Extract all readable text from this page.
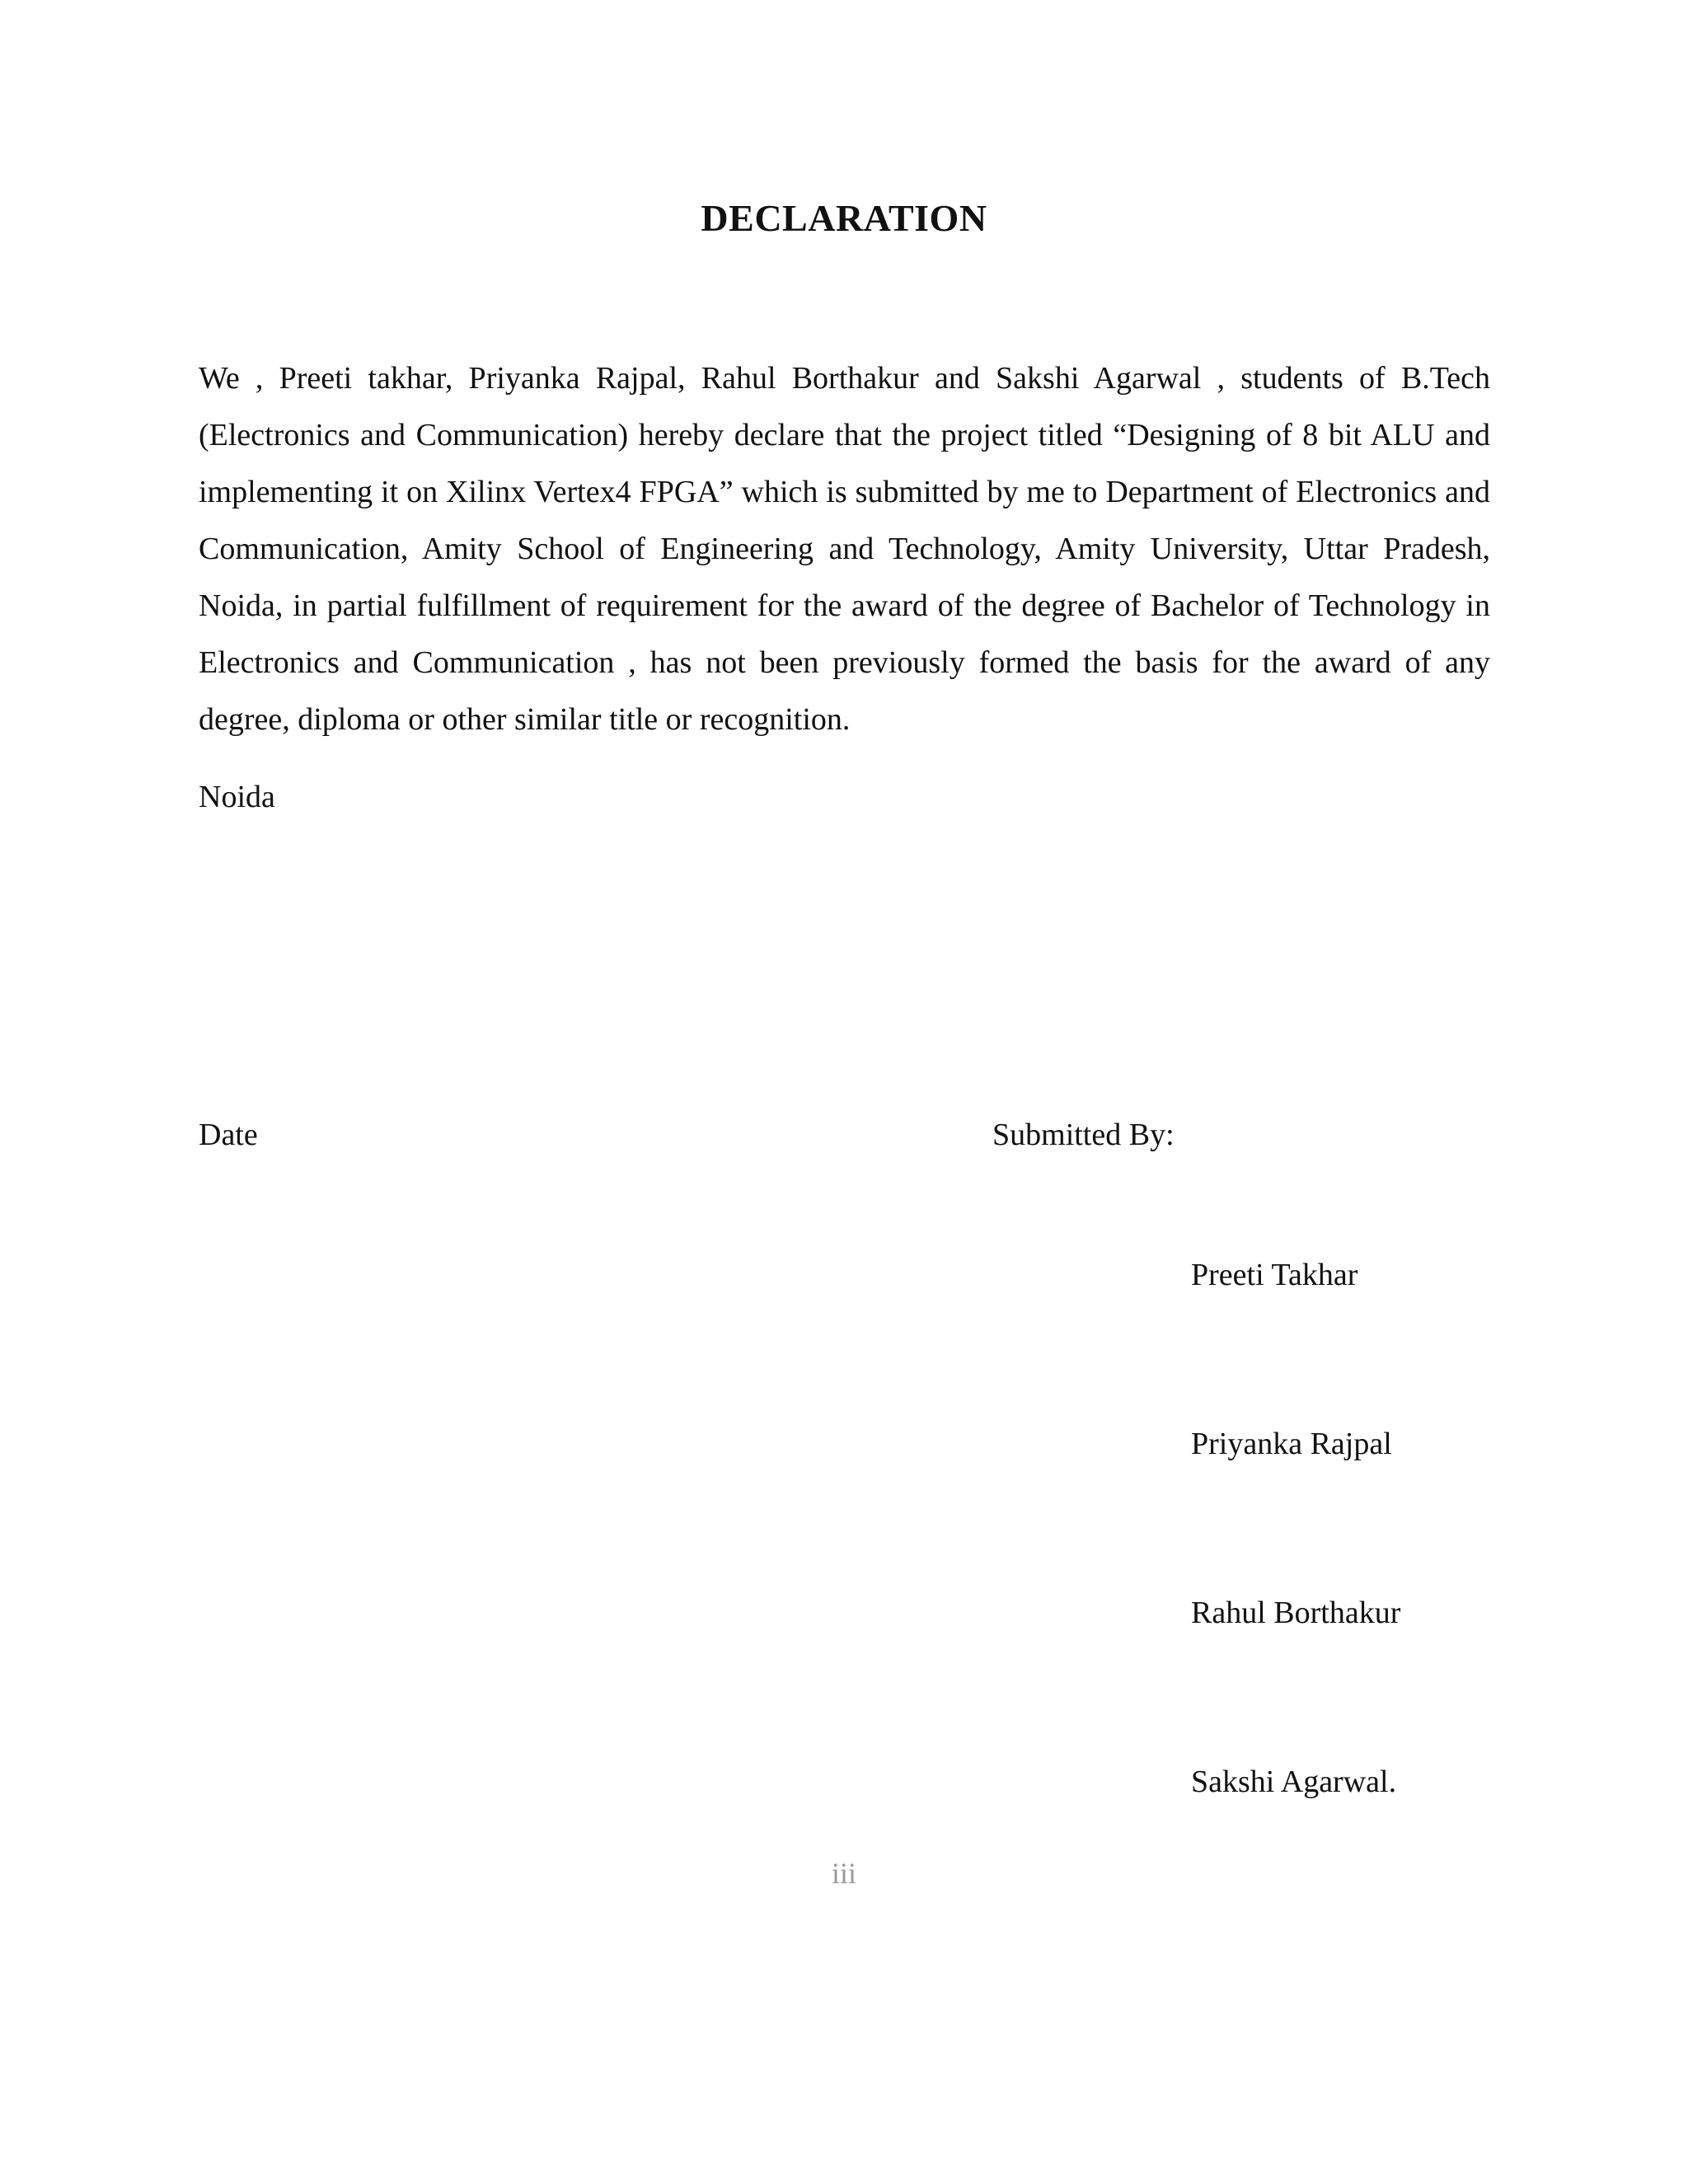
DECLARATION

We , Preeti takhar, Priyanka Rajpal, Rahul Borthakur and Sakshi Agarwal , students of B.Tech (Electronics and Communication) hereby declare that the project titled “Designing of 8 bit ALU and implementing it on Xilinx Vertex4 FPGA” which is submitted by me to Department of Electronics and Communication, Amity School of Engineering and Technology, Amity University, Uttar Pradesh, Noida, in partial fulfillment of requirement for the award of the degree of Bachelor of Technology in Electronics and Communication , has not been previously formed the basis for the award of any degree, diploma or other similar title or recognition.

Noida
Date	Submitted By:
Preeti Takhar
Priyanka Rajpal
Rahul Borthakur
Sakshi Agarwal.
iii
